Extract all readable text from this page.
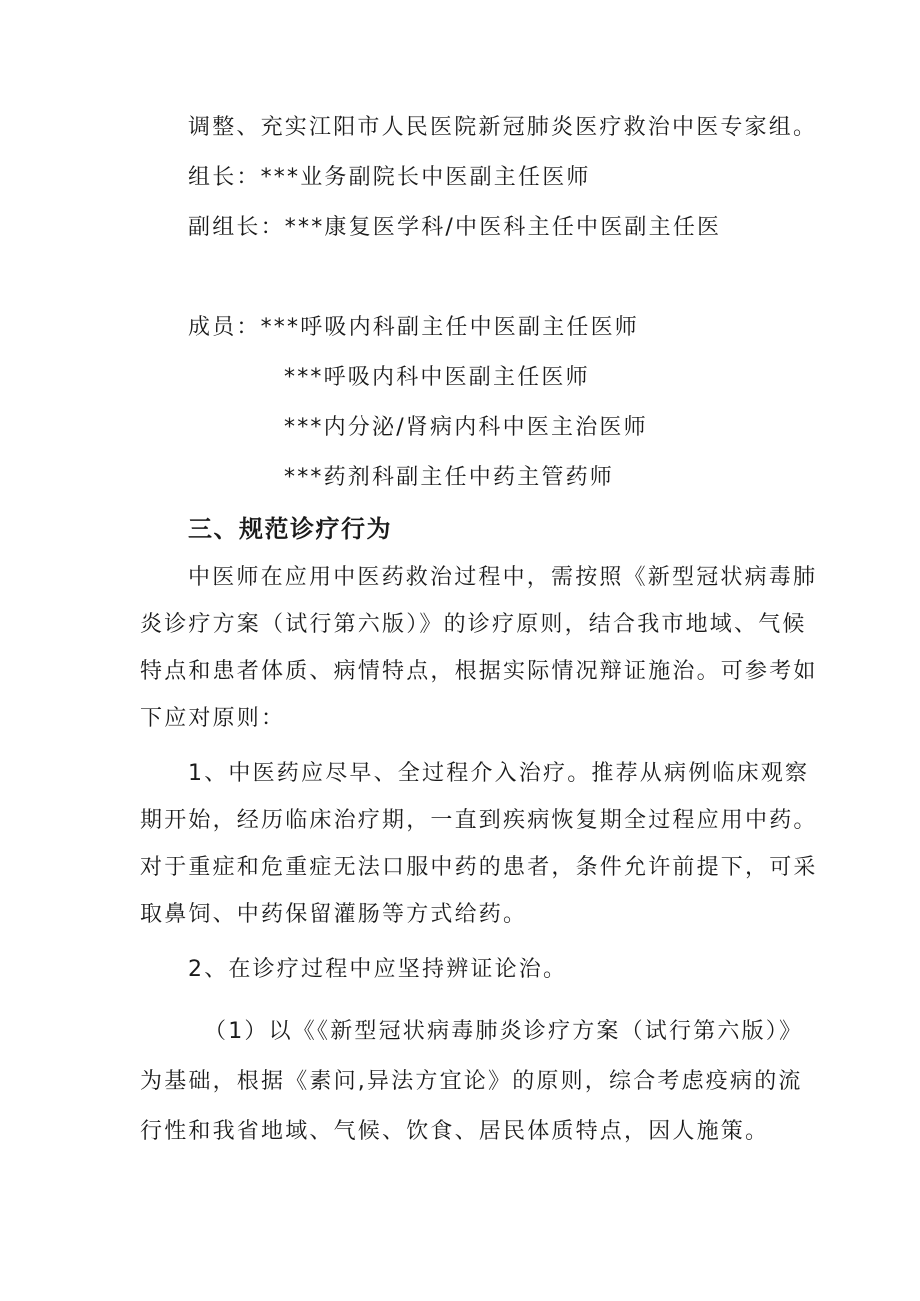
调整、充实江阳市人民医院新冠肺炎医疗救治中医专家组。
组长：***业务副院长中医副主任医师
副组长：***康复医学科/中医科主任中医副主任医
成员：***呼吸内科副主任中医副主任医师
***呼吸内科中医副主任医师
***内分泌/肾病内科中医主治医师
***药剂科副主任中药主管药师
三、规范诊疗行为
中医师在应用中医药救治过程中，需按照《新型冠状病毒肺
炎诊疗方案（试行第六版）》的诊疗原则，结合我市地域、气候
特点和患者体质、病情特点，根据实际情况辩证施治。可参考如
下应对原则：
1、中医药应尽早、全过程介入治疗。推荐从病例临床观察
期开始，经历临床治疗期，一直到疾病恢复期全过程应用中药。
对于重症和危重症无法口服中药的患者，条件允许前提下，可采
取鼻饲、中药保留灌肠等方式给药。
2、在诊疗过程中应坚持辨证论治。
（1）以《《新型冠状病毒肺炎诊疗方案（试行第六版）》
为基础，根据《素问,异法方宜论》的原则，综合考虑疫病的流
行性和我省地域、气候、饮食、居民体质特点，因人施策。
